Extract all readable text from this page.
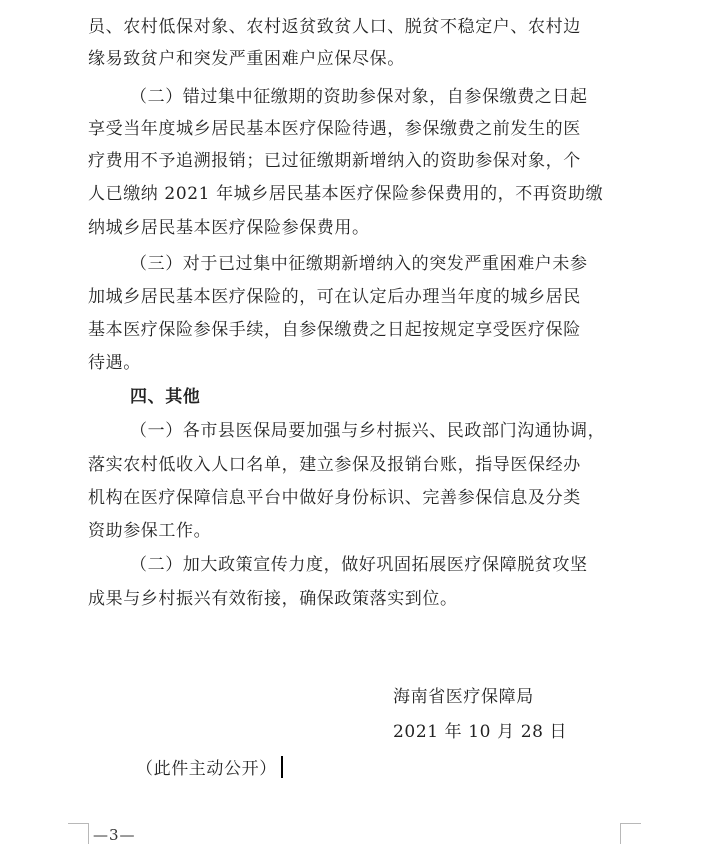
员、农村低保对象、农村返贫致贫人口、脱贫不稳定户、农村边
缘易致贫户和突发严重困难户应保尽保。
（二）错过集中征缴期的资助参保对象，自参保缴费之日起
享受当年度城乡居民基本医疗保险待遇，参保缴费之前发生的医
疗费用不予追溯报销；已过征缴期新增纳入的资助参保对象，个
人已缴纳 2021 年城乡居民基本医疗保险参保费用的，不再资助缴
纳城乡居民基本医疗保险参保费用。
（三）对于已过集中征缴期新增纳入的突发严重困难户未参
加城乡居民基本医疗保险的，可在认定后办理当年度的城乡居民
基本医疗保险参保手续，自参保缴费之日起按规定享受医疗保险
待遇。
四、其他
（一）各市县医保局要加强与乡村振兴、民政部门沟通协调，
落实农村低收入人口名单，建立参保及报销台账，指导医保经办
机构在医疗保障信息平台中做好身份标识、完善参保信息及分类
资助参保工作。
（二）加大政策宣传力度，做好巩固拓展医疗保障脱贫攻坚
成果与乡村振兴有效衔接，确保政策落实到位。
海南省医疗保障局
2021 年 10 月 28 日
（此件主动公开）
—3—
